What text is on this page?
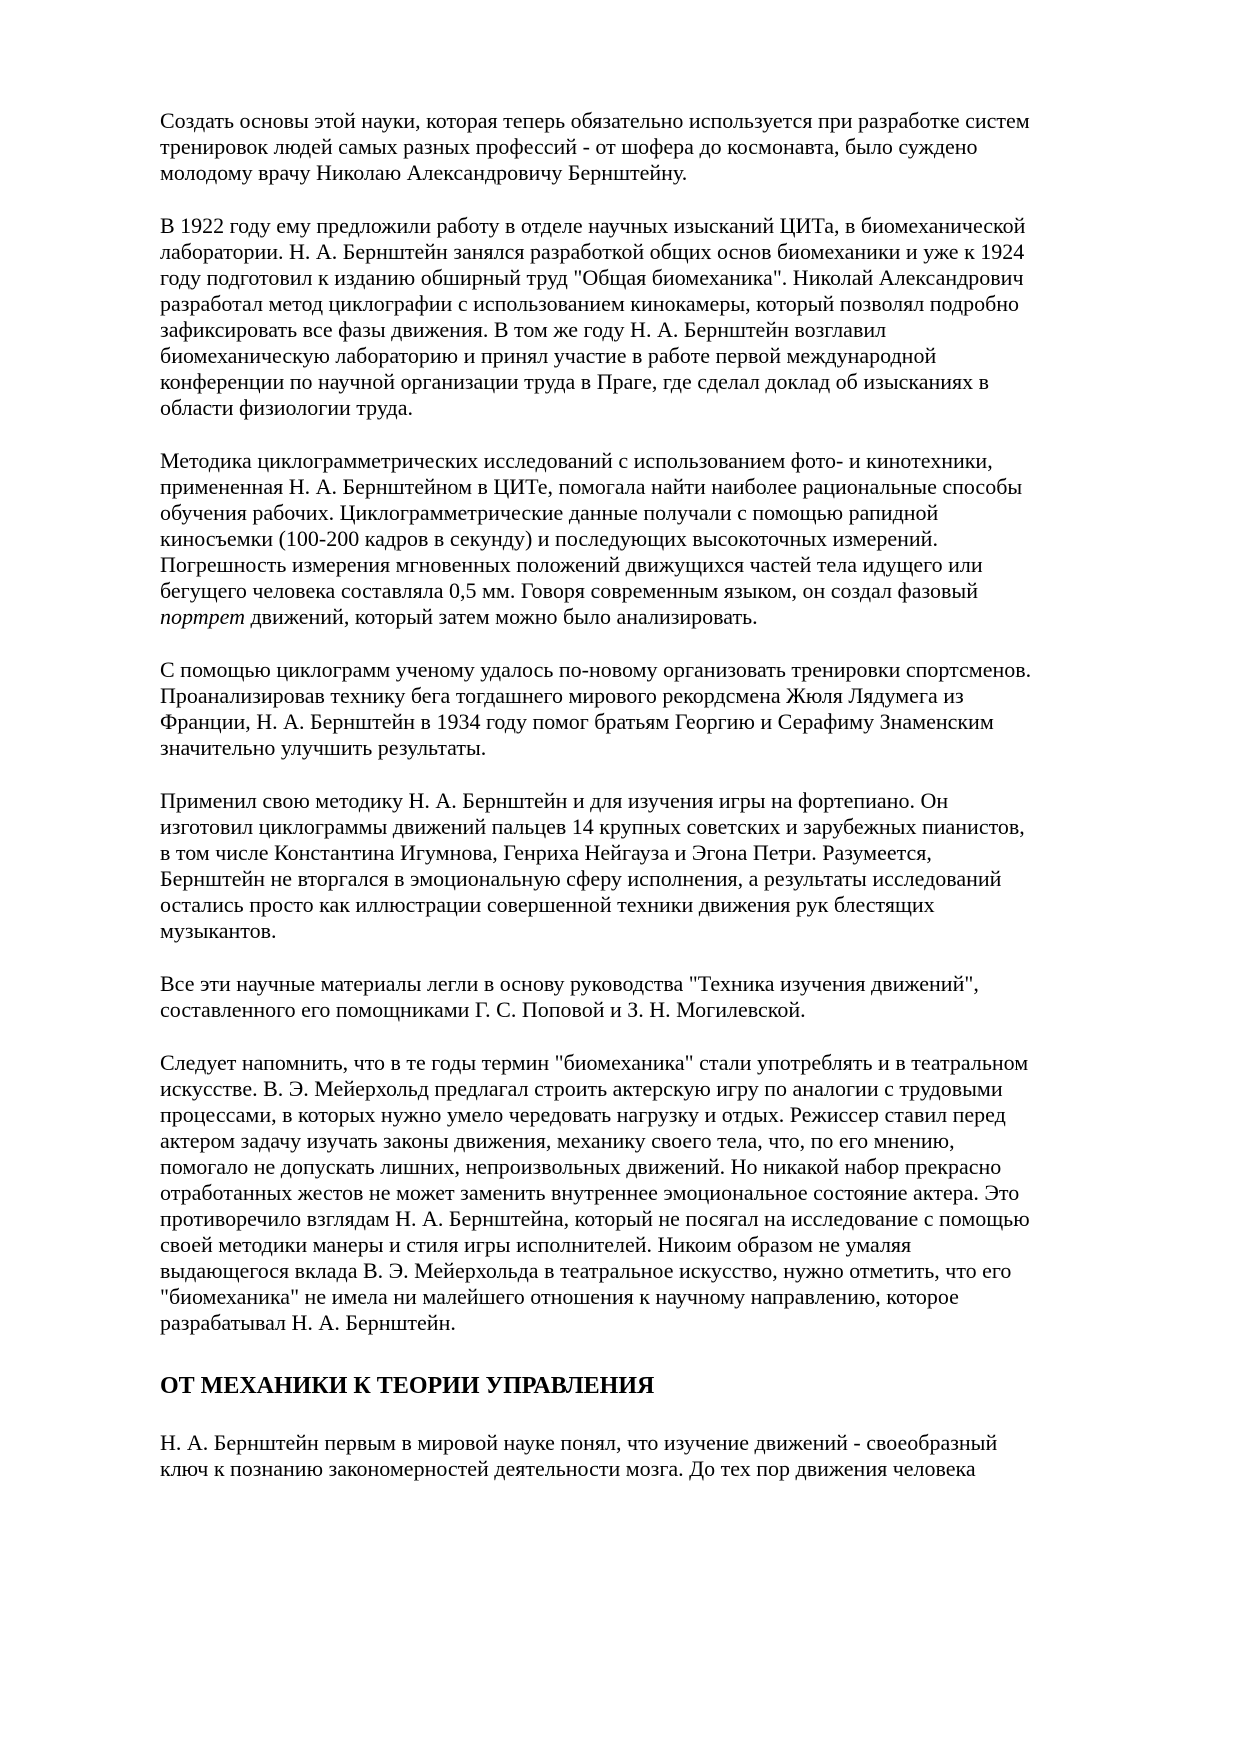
Создать основы этой науки, которая теперь обязательно используется при разработке систем тренировок людей самых разных профессий - от шофера до космонавта, было суждено молодому врачу Николаю Александровичу Бернштейну.

В 1922 году ему предложили работу в отделе научных изысканий ЦИТа, в биомеханической лаборатории. Н. А. Бернштейн занялся разработкой общих основ биомеханики и уже к 1924 году подготовил к изданию обширный труд "Общая биомеханика". Николай Александрович разработал метод циклографии с использованием кинокамеры, который позволял подробно зафиксировать все фазы движения. В том же году Н. А. Бернштейн возглавил биомеханическую лабораторию и принял участие в работе первой международной конференции по научной организации труда в Праге, где сделал доклад об изысканиях в области физиологии труда.

Методика циклограмметрических исследований с использованием фото- и кинотехники, примененная Н. А. Бернштейном в ЦИТе, помогала найти наиболее рациональные способы обучения рабочих. Циклограмметрические данные получали с помощью рапидной киносъемки (100-200 кадров в секунду) и последующих высокоточных измерений. Погрешность измерения мгновенных положений движущихся частей тела идущего или бегущего человека составляла 0,5 мм. Говоря современным языком, он создал фазовый портрет движений, который затем можно было анализировать.

С помощью циклограмм ученому удалось по-новому организовать тренировки спортсменов. Проанализировав технику бега тогдашнего мирового рекордсмена Жюля Лядумега из Франции, Н. А. Бернштейн в 1934 году помог братьям Георгию и Серафиму Знаменским значительно улучшить результаты.

Применил свою методику Н. А. Бернштейн и для изучения игры на фортепиано. Он изготовил циклограммы движений пальцев 14 крупных советских и зарубежных пианистов, в том числе Константина Игумнова, Генриха Нейгауза и Эгона Петри. Разумеется, Бернштейн не вторгался в эмоциональную сферу исполнения, а результаты исследований остались просто как иллюстрации совершенной техники движения рук блестящих музыкантов.

Все эти научные материалы легли в основу руководства "Техника изучения движений", составленного его помощниками Г. С. Поповой и З. Н. Могилевской.

Следует напомнить, что в те годы термин "биомеханика" стали употреблять и в театральном искусстве. В. Э. Мейерхольд предлагал строить актерскую игру по аналогии с трудовыми процессами, в которых нужно умело чередовать нагрузку и отдых. Режиссер ставил перед актером задачу изучать законы движения, механику своего тела, что, по его мнению, помогало не допускать лишних, непроизвольных движений. Но никакой набор прекрасно отработанных жестов не может заменить внутреннее эмоциональное состояние актера. Это противоречило взглядам Н. А. Бернштейна, который не посягал на исследование с помощью своей методики манеры и стиля игры исполнителей. Никоим образом не умаляя выдающегося вклада В. Э. Мейерхольда в театральное искусство, нужно отметить, что его "биомеханика" не имела ни малейшего отношения к научному направлению, которое разрабатывал Н. А. Бернштейн.

ОТ МЕХАНИКИ К ТЕОРИИ УПРАВЛЕНИЯ

Н. А. Бернштейн первым в мировой науке понял, что изучение движений - своеобразный ключ к познанию закономерностей деятельности мозга. До тех пор движения человека
